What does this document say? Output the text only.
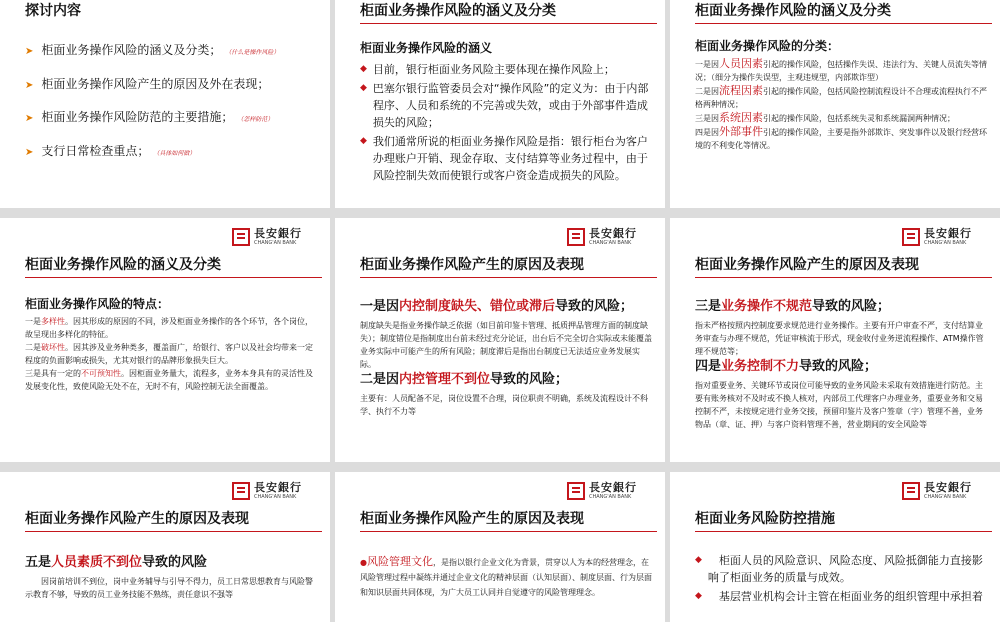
探讨内容
➤ 柜面业务操作风险的涵义及分类； （什么是操作风险）
➤ 柜面业务操作风险产生的原因及外在表现；
➤ 柜面业务操作风险防范的主要措施； （怎样防范）
➤ 支行日常检查重点； （具体如何做）
柜面业务操作风险的涵义及分类
柜面业务操作风险的涵义
◆ 目前，银行柜面业务风险主要体现在操作风险上；
◆ 巴塞尔银行监管委员会对“操作风险”的定义为：由于内部程序、人员和系统的不完善或失效，或由于外部事件造成损失的风险；
◆ 我们通常所说的柜面业务操作风险是指：银行柜台为客户办理账户开销、现金存取、支付结算等业务过程中，由于风险控制失效而使银行或客户资金造成损失的风险。
柜面业务操作风险的涵义及分类
柜面业务操作风险的分类：
一是因人员因素引起的操作风险，包括操作失误、违法行为、关键人员流失等情况；（细分为操作失误型，主观违规型，内部欺诈型）
二是因流程因素引起的操作风险，包括风险控制流程设计不合理或流程执行不严格两种情况；
三是因系统因素引起的操作风险，包括系统失灵和系统漏洞两种情况；
四是因外部事件引起的操作风险，主要是指外部欺诈、突发事件以及银行经营环境的不利变化等情况。
長安銀行
CHANG'AN BANK
柜面业务操作风险的涵义及分类
柜面业务操作风险的特点：
一是多样性。因其形成的原因的不同，涉及柜面业务操作的各个环节，各个岗位，故呈现出多样化的特征。
二是破坏性。因其涉及业务种类多，覆盖面广，给银行、客户以及社会均带来一定程度的负面影响或损失，尤其对银行的品牌形象损失巨大。
三是具有一定的不可预知性。因柜面业务量大，流程多，业务本身具有的灵活性及发展变化性，致使风险无处不在，无时不有，风险控制无法全面覆盖。
長安銀行
CHANG'AN BANK
柜面业务操作风险产生的原因及表现
一是因内控制度缺失、错位或滞后导致的风险；
制度缺失是指业务操作缺乏依据（如目前印鉴卡管理、抵质押品管理方面的制度缺失）；制度错位是指制度出台前未经过充分论证，出台后不完全切合实际或未能覆盖业务实际中可能产生的所有风险；制度滞后是指出台制度已无法适应业务发展实际。
二是因内控管理不到位导致的风险；
主要有：人员配备不足，岗位设置不合理，岗位职责不明确，系统及流程设计不科学、执行不力等
長安銀行
CHANG'AN BANK
柜面业务操作风险产生的原因及表现
三是业务操作不规范导致的风险；
指未严格按照内控制度要求规范进行业务操作。主要有开户审查不严，支付结算业务审查与办理不规范，凭证审核流于形式，现金收付业务逆流程操作、ATM操作管理不规范等；
四是业务控制不力导致的风险；
指对重要业务、关键环节或岗位可能导致的业务风险未采取有效措施进行防范。主要有账务核对不及时或不换人核对，内部员工代理客户办理业务，重要业务和交易控制不严，未按规定进行业务交接，预留印鉴片及客户签章（字）管理不善，业务物品（章、证、押）与客户资料管理不善，营业期间的安全风险等
長安銀行
CHANG'AN BANK
柜面业务操作风险产生的原因及表现
五是人员素质不到位导致的风险
因岗前培训不到位，岗中业务辅导与引导不得力，员工日常思想教育与风险警示教育不够，导致的员工业务技能不熟练，责任意识不强等
長安銀行
CHANG'AN BANK
柜面业务操作风险产生的原因及表现
●风险管理文化，是指以银行企业文化为背景，贯穿以人为本的经营理念，在风险管理过程中凝练并通过企业文化的精神层面（认知层面）、制度层面、行为层面和知识层面共同体现，为广大员工认同并自觉遵守的风险管理理念。
長安銀行
CHANG'AN BANK
柜面业务风险防控措施
◆	柜面人员的风险意识、风险态度、风险抵御能力直接影响了柜面业务的质量与成效。
◆	基层营业机构会计主管在柜面业务的组织管理中承担着
